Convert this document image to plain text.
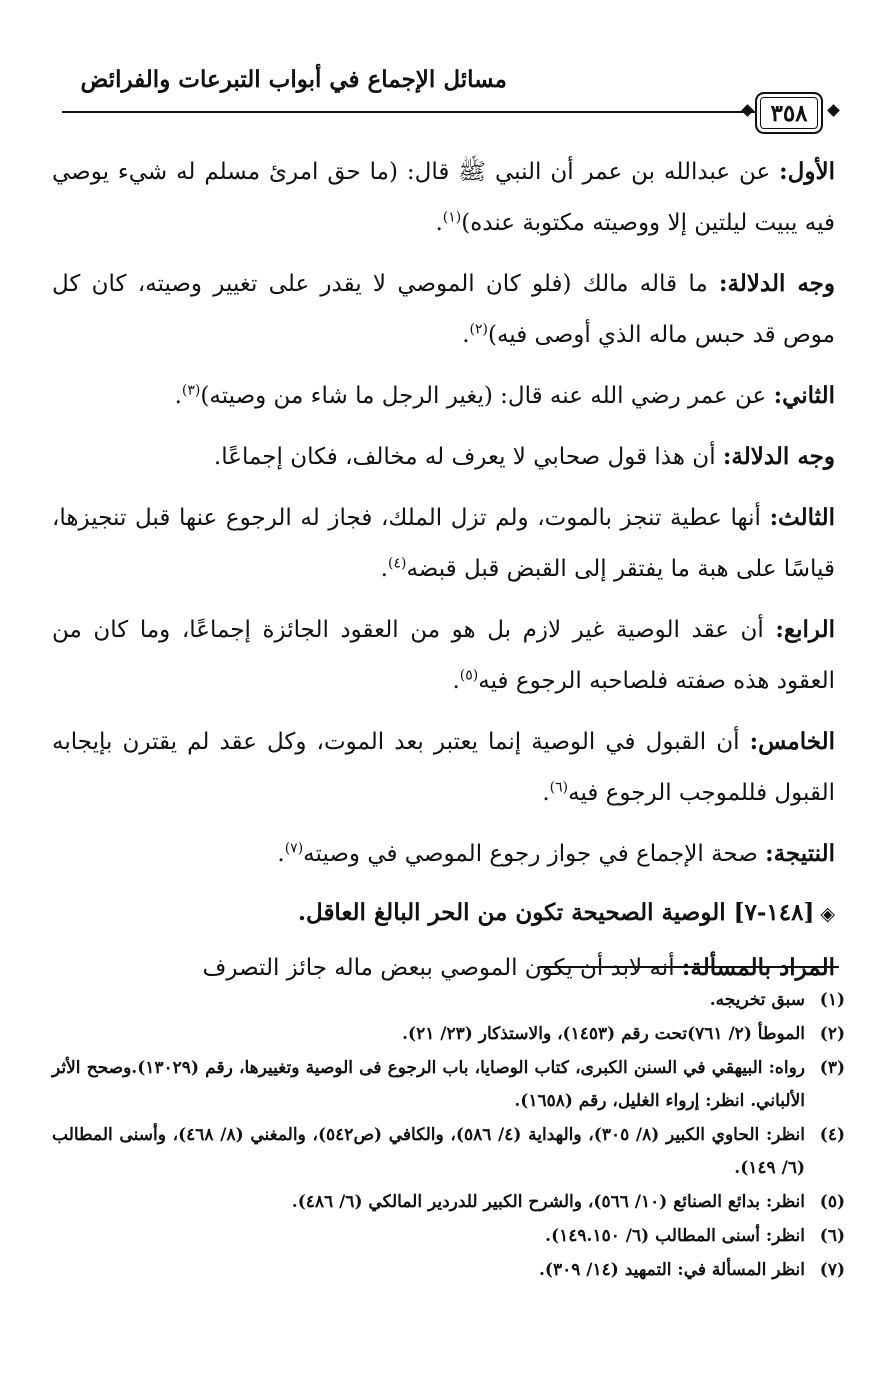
مسائل الإجماع في أبواب التبرعات والفرائض
٣٥٨

الأول: عن عبدالله بن عمر أن النبي ﷺ قال: (ما حق امرئ مسلم له شيء يوصي فيه يبيت ليلتين إلا ووصيته مكتوبة عنده)$^{(١)}$.

وجه الدلالة: ما قاله مالك (فلو كان الموصي لا يقدر على تغيير وصيته، كان كل موص قد حبس ماله الذي أوصى فيه)$^{(٢)}$.

الثاني: عن عمر رضي الله عنه قال: (يغير الرجل ما شاء من وصيته)$^{(٣)}$.

وجه الدلالة: أن هذا قول صحابي لا يعرف له مخالف، فكان إجماعًا.

الثالث: أنها عطية تنجز بالموت، ولم تزل الملك، فجاز له الرجوع عنها قبل تنجيزها، قياسًا على هبة ما يفتقر إلى القبض قبل قبضه$^{(٤)}$.

الرابع: أن عقد الوصية غير لازم بل هو من العقود الجائزة إجماعًا، وما كان من العقود هذه صفته فلصاحبه الرجوع فيه$^{(٥)}$.

الخامس: أن القبول في الوصية إنما يعتبر بعد الموت، وكل عقد لم يقترن بإيجابه القبول فللموجب الرجوع فيه$^{(٦)}$.

النتيجة: صحة الإجماع في جواز رجوع الموصي في وصيته$^{(٧)}$.

◈[١٤٨-٧] الوصية الصحيحة تكون من الحر البالغ العاقل.

المراد بالمسألة: أنه لابد أن يكون الموصي ببعض ماله جائز التصرف

(١)
سبق تخريجه.
(٢)
الموطأ (٢/ ٧٦١)تحت رقم (١٤٥٣)، والاستذكار (٢٣/ ٢١).
(٣)
رواه: البيهقي في السنن الكبرى، كتاب الوصايا، باب الرجوع فى الوصية وتغييرها، رقم (١٣٠٢٩).وصحح الأثر الألباني. انظر: إرواء الغليل، رقم (١٦٥٨).
(٤)
انظر: الحاوي الكبير (٨/ ٣٠٥)، والهداية (٤/ ٥٨٦)، والكافي (ص٥٤٢)، والمغني (٨/ ٤٦٨)، وأسنى المطالب (٦/ ١٤٩).
(٥)
انظر: بدائع الصنائع (١٠/ ٥٦٦)، والشرح الكبير للدردير المالكي (٦/ ٤٨٦).
(٦)
انظر: أسنى المطالب (٦/ ١٤٩.١٥٠).
(٧)
انظر المسألة في: التمهيد (١٤/ ٣٠٩).
